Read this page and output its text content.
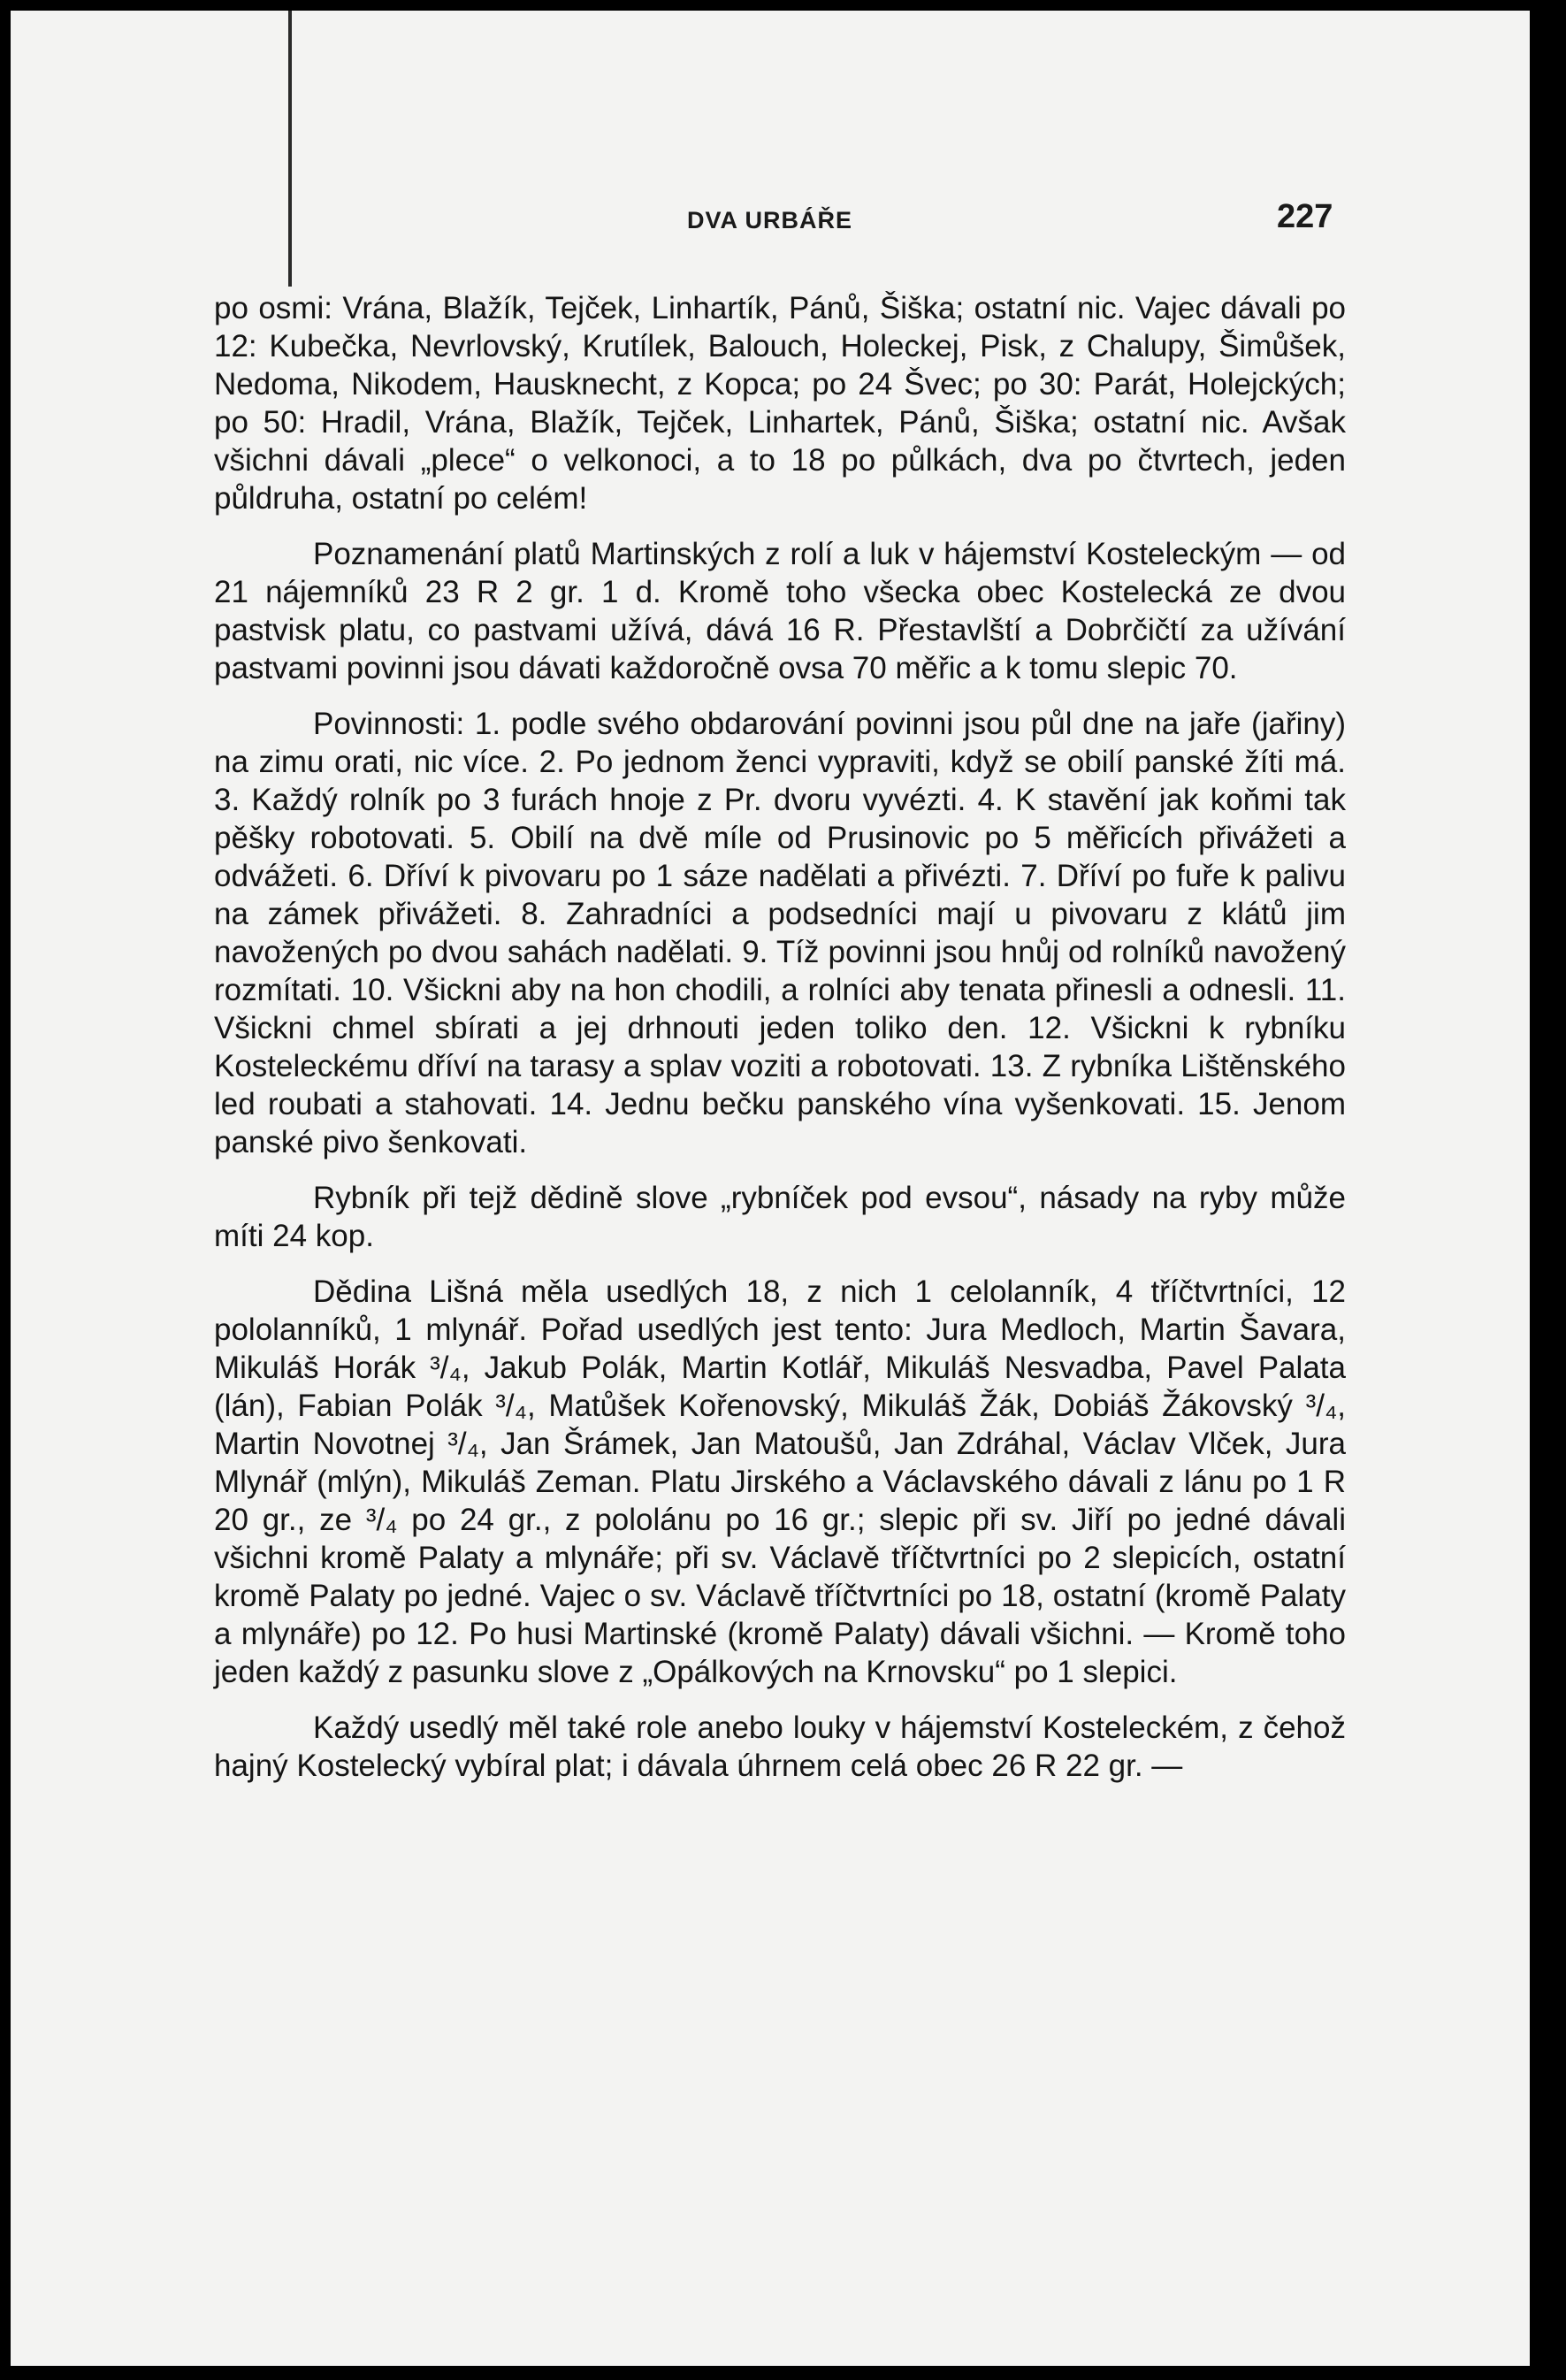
DVA URBÁŘE	227

po osmi: Vrána, Blažík, Tejček, Linhartík, Pánů, Šiška; ostatní nic. Vajec dávali po 12: Kubečka, Nevrlovský, Krutílek, Balouch, Holeckej, Pisk, z Chalupy, Šimůšek, Nedoma, Nikodem, Hausknecht, z Kopca; po 24 Švec; po 30: Parát, Holejckých; po 50: Hradil, Vrána, Blažík, Tejček, Linhartek, Pánů, Šiška; ostatní nic. Avšak všichni dávali „plece“ o velkonoci, a to 18 po půlkách, dva po čtvrtech, jeden půldruha, ostatní po celém!

Poznamenání platů Martinských z rolí a luk v hájemství Kosteleckým — od 21 nájemníků 23 R 2 gr. 1 d. Kromě toho všecka obec Kostelecká ze dvou pastvisk platu, co pastvami užívá, dává 16 R. Přestavlští a Dobrčičtí za užívání pastvami povinni jsou dávati každoročně ovsa 70 měřic a k tomu slepic 70.

Povinnosti: 1. podle svého obdarování povinni jsou půl dne na jaře (jařiny) na zimu orati, nic více. 2. Po jednom ženci vypraviti, když se obilí panské žíti má. 3. Každý rolník po 3 furách hnoje z Pr. dvoru vyvézti. 4. K stavění jak koňmi tak pěšky robotovati. 5. Obilí na dvě míle od Prusinovic po 5 měřicích přivážeti a odvážeti. 6. Dříví k pivovaru po 1 sáze nadělati a přivézti. 7. Dříví po fuře k palivu na zámek přivážeti. 8. Zahradníci a podsedníci mají u pivovaru z klátů jim navožených po dvou sahách nadělati. 9. Tíž povinni jsou hnůj od rolníků navožený rozmítati. 10. Všickni aby na hon chodili, a rolníci aby tenata přinesli a odnesli. 11. Všickni chmel sbírati a jej drhnouti jeden toliko den. 12. Všickni k rybníku Kosteleckému dříví na tarasy a splav voziti a robotovati. 13. Z rybníka Lištěnského led roubati a stahovati. 14. Jednu bečku panského vína vyšenkovati. 15. Jenom panské pivo šenkovati.

Rybník při tejž dědině slove „rybníček pod evsou“, násady na ryby může míti 24 kop.

Dědina Lišná měla usedlých 18, z nich 1 celolanník, 4 tříčtvrtníci, 12 pololanníků, 1 mlynář. Pořad usedlých jest tento: Jura Medloch, Martin Šavara, Mikuláš Horák ³/₄, Jakub Polák, Martin Kotlář, Mikuláš Nesvadba, Pavel Palata (lán), Fabian Polák ³/₄, Matůšek Kořenovský, Mikuláš Žák, Dobiáš Žákovský ³/₄, Martin Novotnej ³/₄, Jan Šrámek, Jan Matoušů, Jan Zdráhal, Václav Vlček, Jura Mlynář (mlýn), Mikuláš Zeman. Platu Jirského a Václavského dávali z lánu po 1 R 20 gr., ze ³/₄ po 24 gr., z pololánu po 16 gr.; slepic při sv. Jiří po jedné dávali všichni kromě Palaty a mlynáře; při sv. Václavě tříčtvrtníci po 2 slepicích, ostatní kromě Palaty po jedné. Vajec o sv. Václavě tříčtvrtníci po 18, ostatní (kromě Palaty a mlynáře) po 12. Po husi Martinské (kromě Palaty) dávali všichni. — Kromě toho jeden každý z pasunku slove z „Opálkových na Krnovsku“ po 1 slepici.

Každý usedlý měl také role anebo louky v hájemství Kosteleckém, z čehož hajný Kostelecký vybíral plat; i dávala úhrnem celá obec 26 R 22 gr. —
